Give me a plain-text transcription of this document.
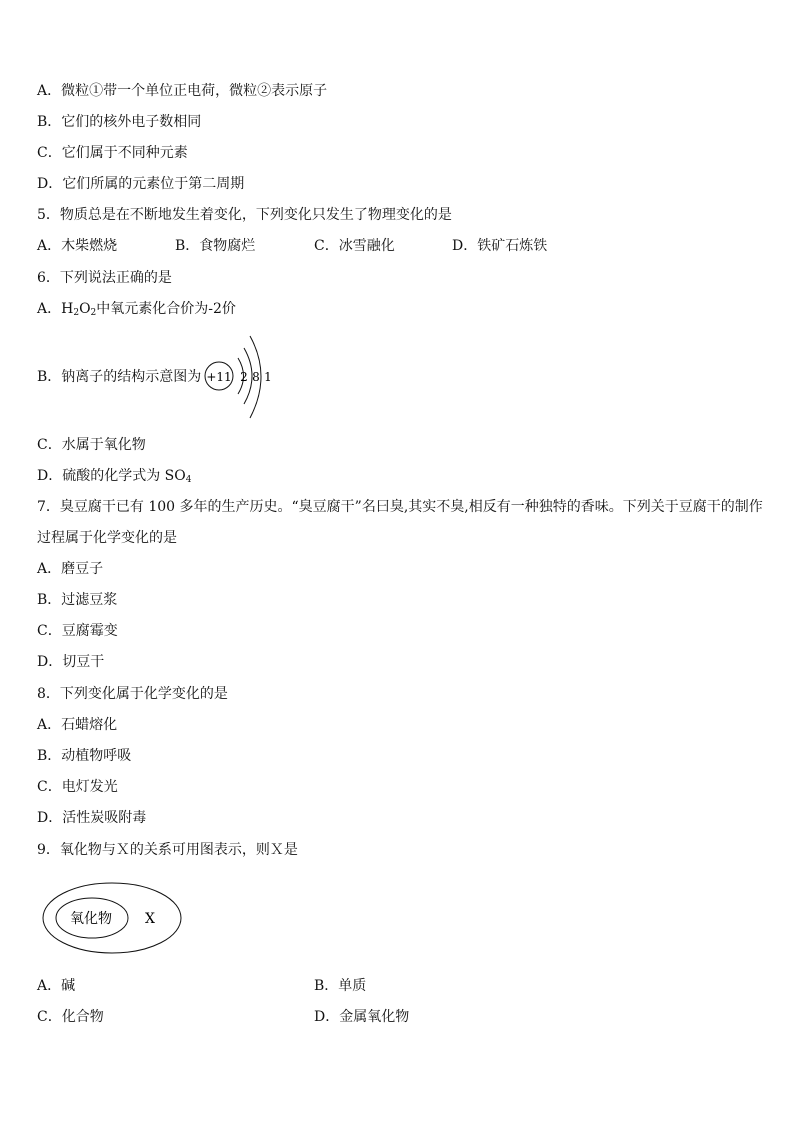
A．微粒①带一个单位正电荷，微粒②表示原子
B．它们的核外电子数相同
C．它们属于不同种元素
D．它们所属的元素位于第二周期
5．物质总是在不断地发生着变化，下列变化只发生了物理变化的是
A．木柴燃烧	B．食物腐烂	C．冰雪融化	D．铁矿石炼铁
6．下列说法正确的是
A．$H_2O_2$中氧元素化合价为-2价
B．钠离子的结构示意图为 +11 2 8 1
C．水属于氧化物
D．硫酸的化学式为 $SO_4$
7．臭豆腐干已有 100 多年的生产历史。“臭豆腐干”名曰臭,其实不臭,相反有一种独特的香味。下列关于豆腐干的制作
过程属于化学变化的是
A．磨豆子
B．过滤豆浆
C．豆腐霉变
D．切豆干
8．下列变化属于化学变化的是
A．石蜡熔化
B．动植物呼吸
C．电灯发光
D．活性炭吸附毒
9．氧化物与Ｘ的关系可用图表示，则Ｘ是
氧化物 X
A．碱	B．单质
C．化合物	D．金属氧化物
